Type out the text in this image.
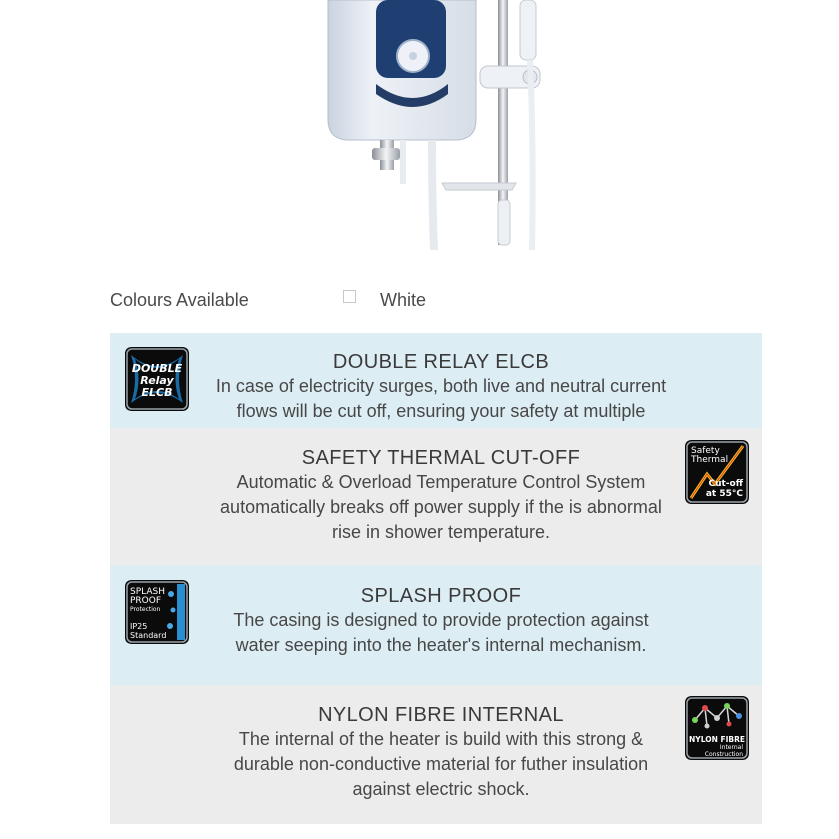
Colours Available	White
DOUBLE
Relay
ELCB
DOUBLE RELAY ELCB
In case of electricity surges, both live and neutral current flows will be cut off, ensuring your safety at multiple
Safety
Thermal
Cut-off
at 55°C
SAFETY THERMAL CUT-OFF
Automatic & Overload Temperature Control System automatically breaks off power supply if the is abnormal rise in shower temperature.
SPLASH
PROOF
Protection
IP25
Standard
SPLASH PROOF
The casing is designed to provide protection against water seeping into the heater's internal mechanism.
NYLON FIBRE
Internal
Construction
NYLON FIBRE INTERNAL
The internal of the heater is build with this strong & durable non-conductive material for futher insulation against electric shock.
